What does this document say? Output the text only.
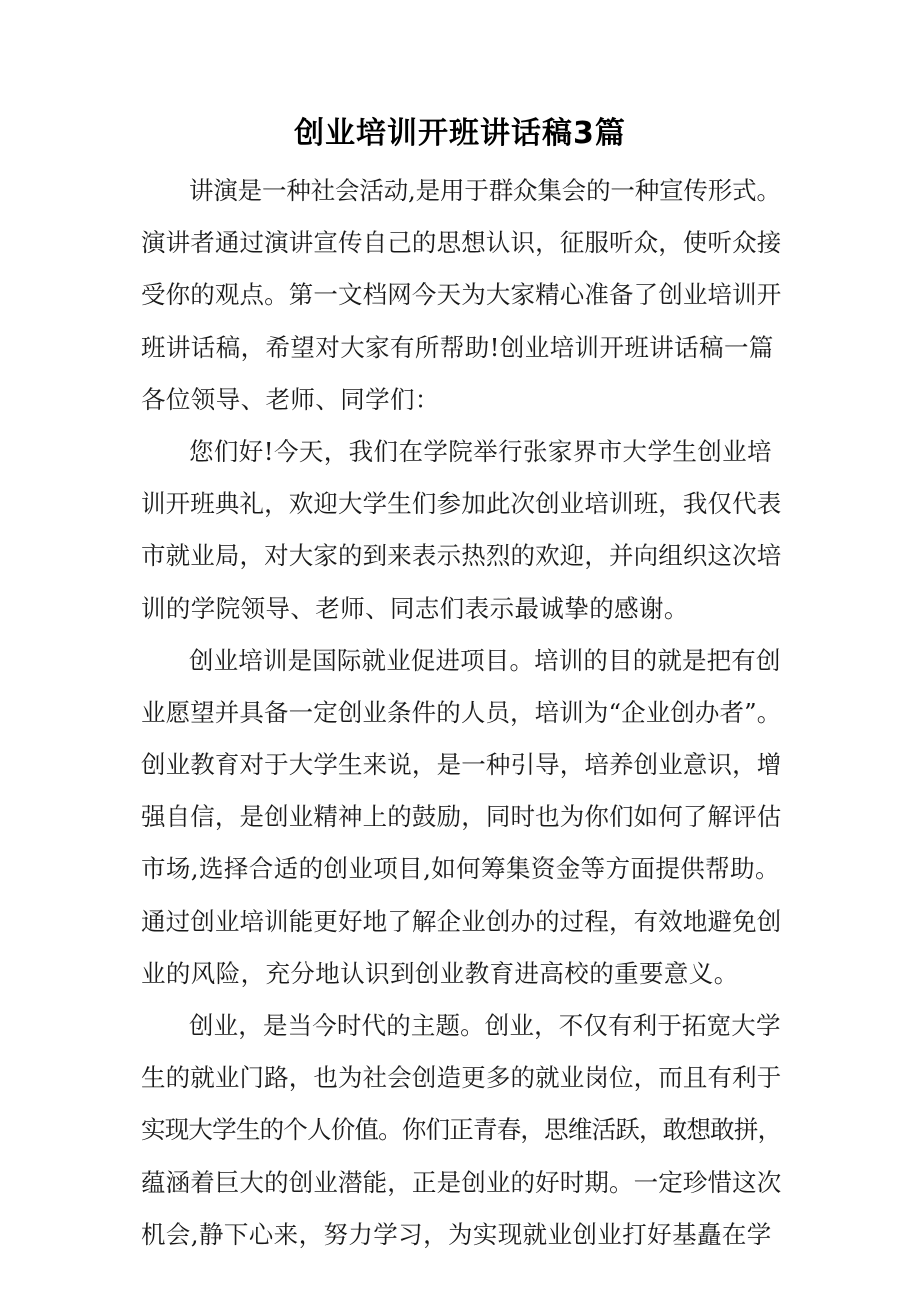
创业培训开班讲话稿3篇
讲演是一种社会活动,是用于群众集会的一种宣传形式。
演讲者通过演讲宣传自己的思想认识，征服听众，使听众接
受你的观点。第一文档网今天为大家精心准备了创业培训开
班讲话稿，希望对大家有所帮助!创业培训开班讲话稿一篇
各位领导、老师、同学们：
您们好!今天，我们在学院举行张家界市大学生创业培
训开班典礼，欢迎大学生们参加此次创业培训班，我仅代表
市就业局，对大家的到来表示热烈的欢迎，并向组织这次培
训的学院领导、老师、同志们表示最诚挚的感谢。
创业培训是国际就业促进项目。培训的目的就是把有创
业愿望并具备一定创业条件的人员，培训为“企业创办者”。
创业教育对于大学生来说，是一种引导，培养创业意识，增
强自信，是创业精神上的鼓励，同时也为你们如何了解评估
市场,选择合适的创业项目,如何筹集资金等方面提供帮助。
通过创业培训能更好地了解企业创办的过程，有效地避免创
业的风险，充分地认识到创业教育进高校的重要意义。
创业，是当今时代的主题。创业，不仅有利于拓宽大学
生的就业门路，也为社会创造更多的就业岗位，而且有利于
实现大学生的个人价值。你们正青春，思维活跃，敢想敢拼，
蕴涵着巨大的创业潜能，正是创业的好时期。一定珍惜这次
机会,静下心来，努力学习，为实现就业创业打好基矗在学
